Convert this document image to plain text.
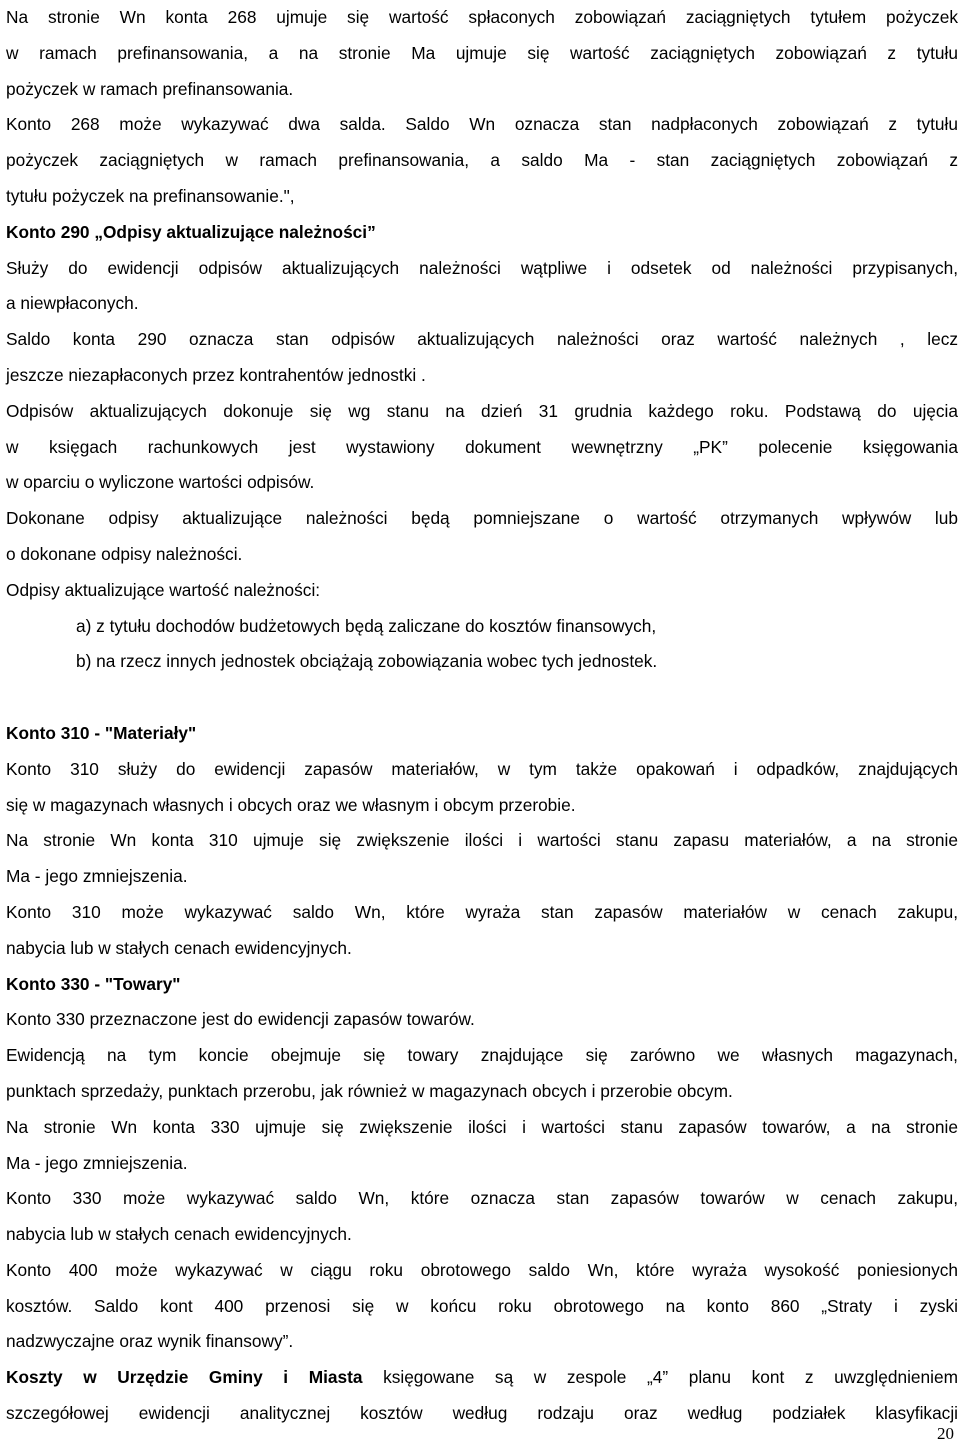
Na stronie Wn konta 268 ujmuje się wartość spłaconych zobowiązań zaciągniętych tytułem pożyczek
w ramach prefinansowania, a na stronie Ma ujmuje się wartość zaciągniętych zobowiązań z tytułu
pożyczek w ramach prefinansowania.
Konto 268 może wykazywać dwa salda. Saldo Wn oznacza stan nadpłaconych zobowiązań z tytułu
pożyczek zaciągniętych w ramach prefinansowania, a saldo Ma - stan zaciągniętych zobowiązań z
tytułu pożyczek na prefinansowanie.",
Konto 290 „Odpisy aktualizujące należności”
Służy do ewidencji odpisów aktualizujących należności wątpliwe i odsetek od należności przypisanych,
a niewpłaconych.
Saldo konta 290 oznacza stan odpisów aktualizujących należności oraz wartość należnych , lecz
jeszcze niezapłaconych przez kontrahentów jednostki .
Odpisów aktualizujących dokonuje się wg stanu na dzień 31 grudnia każdego roku. Podstawą do ujęcia
w księgach rachunkowych jest wystawiony dokument wewnętrzny „PK” polecenie księgowania
w oparciu o wyliczone wartości odpisów.
Dokonane odpisy aktualizujące należności będą pomniejszane o wartość otrzymanych wpływów lub
o dokonane odpisy należności.
Odpisy aktualizujące wartość należności:
a) z tytułu dochodów budżetowych będą zaliczane do kosztów finansowych,
b) na rzecz innych jednostek obciążają zobowiązania wobec tych jednostek.
Konto 310 - "Materiały"
Konto 310 służy do ewidencji zapasów materiałów, w tym także opakowań i odpadków, znajdujących
się w magazynach własnych i obcych oraz we własnym i obcym przerobie.
Na stronie Wn konta 310 ujmuje się zwiększenie ilości i wartości stanu zapasu materiałów, a na stronie
Ma - jego zmniejszenia.
Konto 310 może wykazywać saldo Wn, które wyraża stan zapasów materiałów w cenach zakupu,
nabycia lub w stałych cenach ewidencyjnych.
Konto 330 - "Towary"
Konto 330 przeznaczone jest do ewidencji zapasów towarów.
Ewidencją na tym koncie obejmuje się towary znajdujące się zarówno we własnych magazynach,
punktach sprzedaży, punktach przerobu, jak również w magazynach obcych i przerobie obcym.
Na stronie Wn konta 330 ujmuje się zwiększenie ilości i wartości stanu zapasów towarów, a na stronie
Ma - jego zmniejszenia.
Konto 330 może wykazywać saldo Wn, które oznacza stan zapasów towarów w cenach zakupu,
nabycia lub w stałych cenach ewidencyjnych.
Konto 400 może wykazywać w ciągu roku obrotowego saldo Wn, które wyraża wysokość poniesionych
kosztów. Saldo kont 400 przenosi się w końcu roku obrotowego na konto 860 „Straty i zyski
nadzwyczajne oraz wynik finansowy”.
Koszty w Urzędzie Gminy i Miasta księgowane są w zespole „4” planu kont z uwzględnieniem
szczegółowej ewidencji analitycznej kosztów według rodzaju oraz według podziałek klasyfikacji
20
